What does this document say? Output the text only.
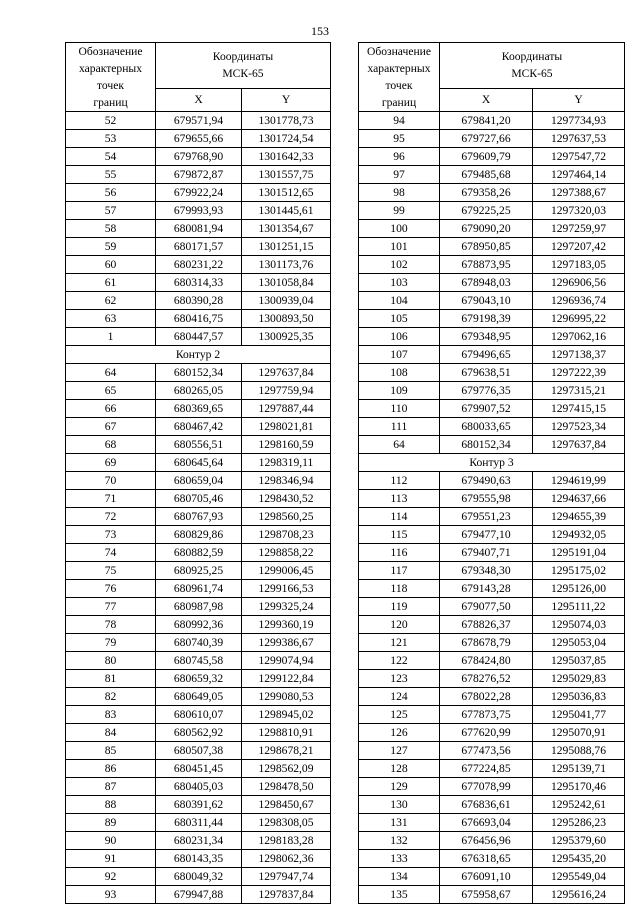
153
Обозначение
характерных
точек
границ	Координаты
МСК-65	
	X	Y
52	679571,94	1301778,73
53	679655,66	1301724,54
54	679768,90	1301642,33
55	679872,87	1301557,75
56	679922,24	1301512,65
57	679993,93	1301445,61
58	680081,94	1301354,67
59	680171,57	1301251,15
60	680231,22	1301173,76
61	680314,33	1301058,84
62	680390,28	1300939,04
63	680416,75	1300893,50
1	680447,57	1300925,35
Контур 2		
64	680152,34	1297637,84
65	680265,05	1297759,94
66	680369,65	1297887,44
67	680467,42	1298021,81
68	680556,51	1298160,59
69	680645,64	1298319,11
70	680659,04	1298346,94
71	680705,46	1298430,52
72	680767,93	1298560,25
73	680829,86	1298708,23
74	680882,59	1298858,22
75	680925,25	1299006,45
76	680961,74	1299166,53
77	680987,98	1299325,24
78	680992,36	1299360,19
79	680740,39	1299386,67
80	680745,58	1299074,94
81	680659,32	1299122,84
82	680649,05	1299080,53
83	680610,07	1298945,02
84	680562,92	1298810,91
85	680507,38	1298678,21
86	680451,45	1298562,09
87	680405,03	1298478,50
88	680391,62	1298450,67
89	680311,44	1298308,05
90	680231,34	1298183,28
91	680143,35	1298062,36
92	680049,32	1297947,74
93	679947,88	1297837,84
Обозначение
характерных
точек
границ	Координаты
МСК-65	
	X	Y
94	679841,20	1297734,93
95	679727,66	1297637,53
96	679609,79	1297547,72
97	679485,68	1297464,14
98	679358,26	1297388,67
99	679225,25	1297320,03
100	679090,20	1297259,97
101	678950,85	1297207,42
102	678873,95	1297183,05
103	678948,03	1296906,56
104	679043,10	1296936,74
105	679198,39	1296995,22
106	679348,95	1297062,16
107	679496,65	1297138,37
108	679638,51	1297222,39
109	679776,35	1297315,21
110	679907,52	1297415,15
111	680033,65	1297523,34
64	680152,34	1297637,84
Контур 3		
112	679490,63	1294619,99
113	679555,98	1294637,66
114	679551,23	1294655,39
115	679477,10	1294932,05
116	679407,71	1295191,04
117	679348,30	1295175,02
118	679143,28	1295126,00
119	679077,50	1295111,22
120	678826,37	1295074,03
121	678678,79	1295053,04
122	678424,80	1295037,85
123	678276,52	1295029,83
124	678022,28	1295036,83
125	677873,75	1295041,77
126	677620,99	1295070,91
127	677473,56	1295088,76
128	677224,85	1295139,71
129	677078,99	1295170,46
130	676836,61	1295242,61
131	676693,04	1295286,23
132	676456,96	1295379,60
133	676318,65	1295435,20
134	676091,10	1295549,04
135	675958,67	1295616,24
